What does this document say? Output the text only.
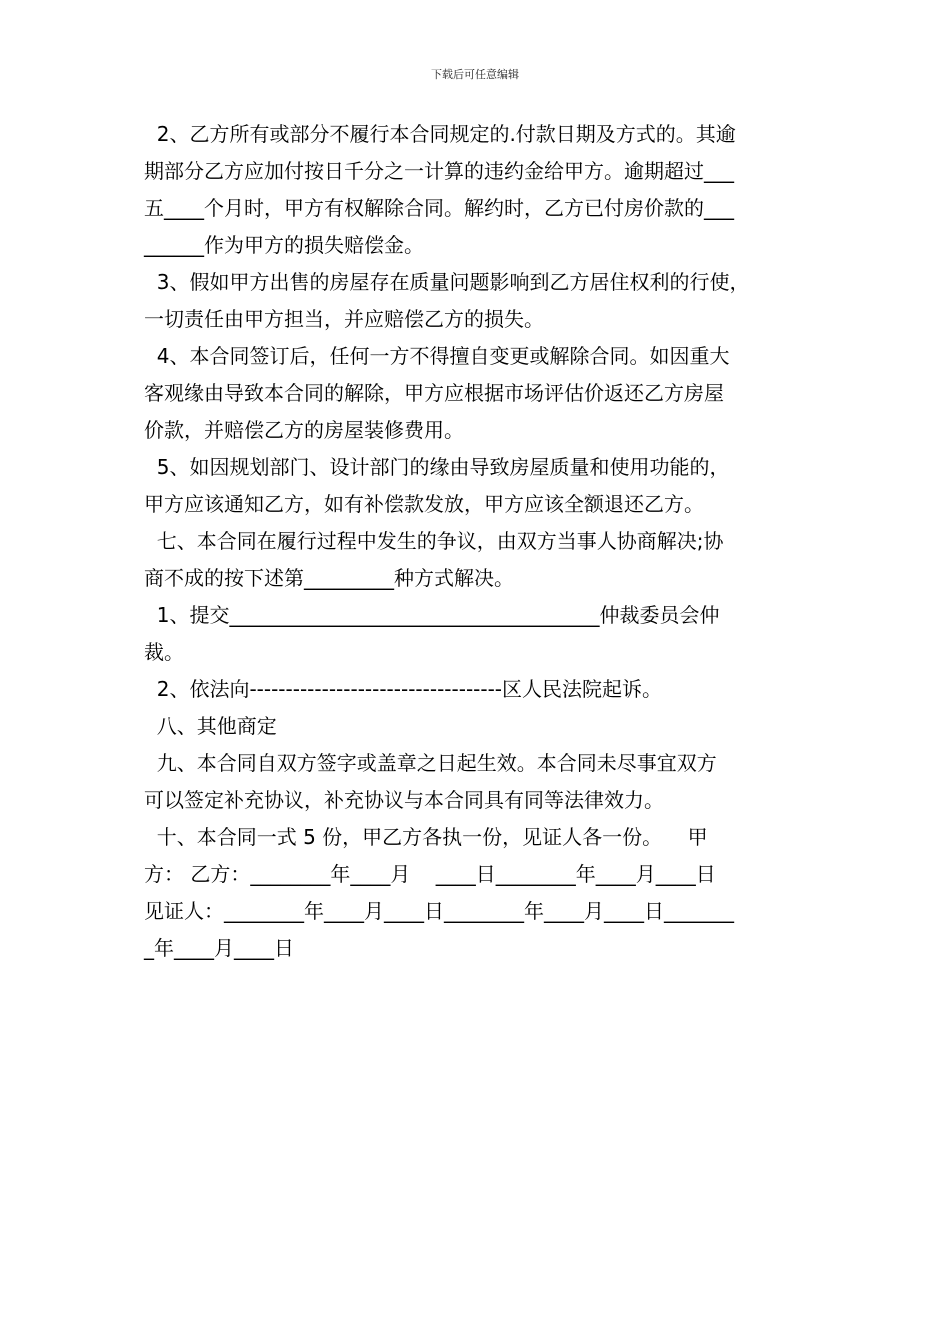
下载后可任意编辑
2、乙方所有或部分不履行本合同规定的.付款日期及方式的。其逾
期部分乙方应加付按日千分之一计算的违约金给甲方。逾期超过___
五____个月时，甲方有权解除合同。解约时，乙方已付房价款的___
______作为甲方的损失赔偿金。
3、假如甲方出售的房屋存在质量问题影响到乙方居住权利的行使，
一切责任由甲方担当，并应赔偿乙方的损失。
4、本合同签订后，任何一方不得擅自变更或解除合同。如因重大
客观缘由导致本合同的解除，甲方应根据市场评估价返还乙方房屋
价款，并赔偿乙方的房屋装修费用。
5、如因规划部门、设计部门的缘由导致房屋质量和使用功能的，
甲方应该通知乙方，如有补偿款发放，甲方应该全额退还乙方。
七、本合同在履行过程中发生的争议，由双方当事人协商解决;协
商不成的按下述第_________种方式解决。
1、提交_____________________________________仲裁委员会仲
裁。
2、依法向-----------------------------------区人民法院起诉。
八、其他商定
九、本合同自双方签字或盖章之日起生效。本合同未尽事宜双方
可以签定补充协议，补充协议与本合同具有同等法律效力。
十、本合同一式 5 份，甲乙方各执一份，见证人各一份。    甲
方： 乙方：________年____月    ____日________年____月____日
见证人：________年____月____日________年____月____日_______
_年____月____日
